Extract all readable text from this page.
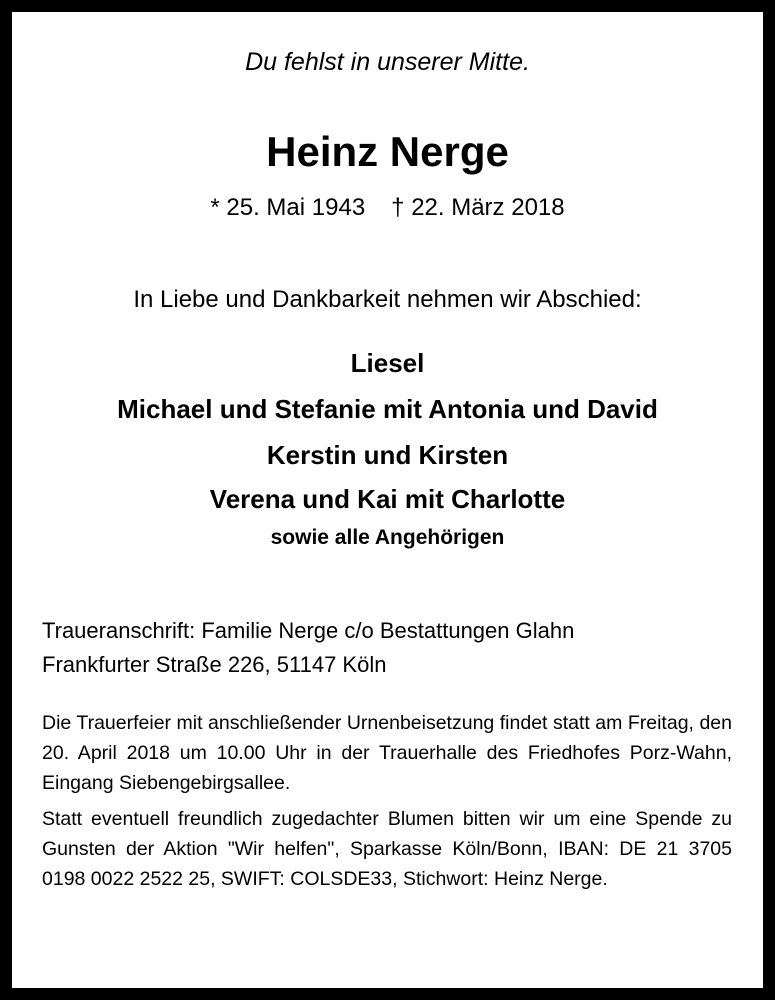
Du fehlst in unserer Mitte.
Heinz Nerge
* 25. Mai 1943 † 22. März 2018
In Liebe und Dankbarkeit nehmen wir Abschied:
Liesel
Michael und Stefanie mit Antonia und David
Kerstin und Kirsten
Verena und Kai mit Charlotte
sowie alle Angehörigen
Traueranschrift: Familie Nerge c/o Bestattungen Glahn
Frankfurter Straße 226, 51147 Köln
Die Trauerfeier mit anschließender Urnenbeisetzung findet statt am Freitag, den 20. April 2018 um 10.00 Uhr in der Trauerhalle des Friedhofes Porz-Wahn, Eingang Siebengebirgsallee.
Statt eventuell freundlich zugedachter Blumen bitten wir um eine Spende zu Gunsten der Aktion "Wir helfen", Sparkasse Köln/Bonn, IBAN: DE 21 3705 0198 0022 2522 25, SWIFT: COLSDE33, Stichwort: Heinz Nerge.
